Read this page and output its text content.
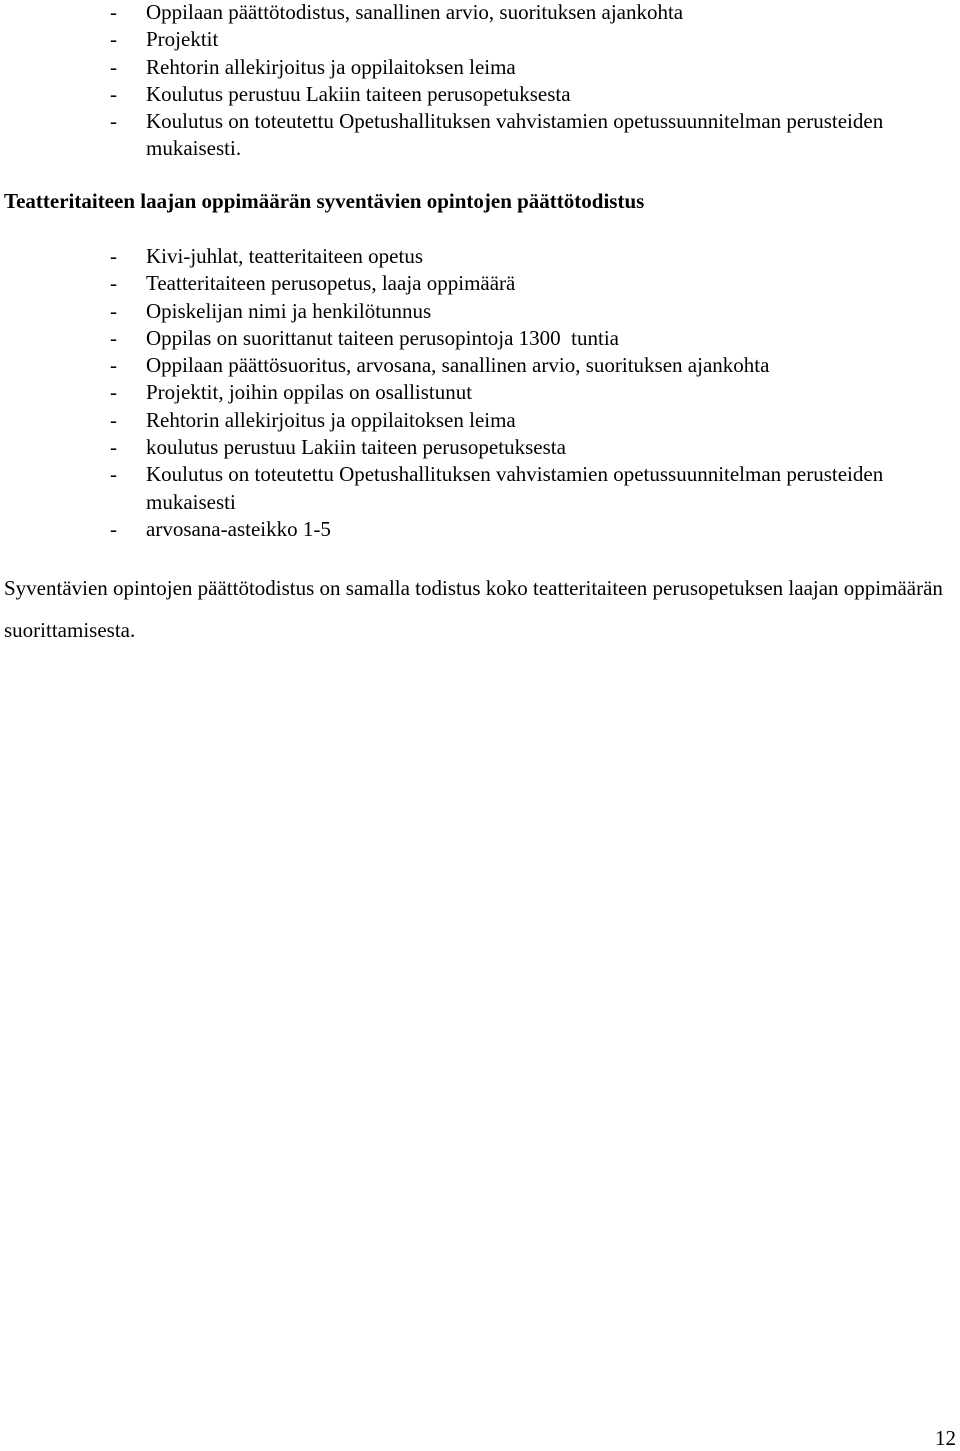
- Oppilaan päättötodistus, sanallinen arvio, suorituksen ajankohta
- Projektit
- Rehtorin allekirjoitus ja oppilaitoksen leima
- Koulutus perustuu Lakiin taiteen perusopetuksesta
- Koulutus on toteutettu Opetushallituksen vahvistamien opetussuunnitelman perusteiden mukaisesti.
Teatteritaiteen laajan oppimäärän syventävien opintojen päättötodistus
- Kivi-juhlat, teatteritaiteen opetus
- Teatteritaiteen perusopetus, laaja oppimäärä
- Opiskelijan nimi ja henkilötunnus
- Oppilas on suorittanut taiteen perusopintoja 1300  tuntia
- Oppilaan päättösuoritus, arvosana, sanallinen arvio, suorituksen ajankohta
- Projektit, joihin oppilas on osallistunut
- Rehtorin allekirjoitus ja oppilaitoksen leima
- koulutus perustuu Lakiin taiteen perusopetuksesta
- Koulutus on toteutettu Opetushallituksen vahvistamien opetussuunnitelman perusteiden mukaisesti
- arvosana-asteikko 1-5

Syventävien opintojen päättötodistus on samalla todistus koko teatteritaiteen perusopetuksen laajan oppimäärän suorittamisesta.

12
